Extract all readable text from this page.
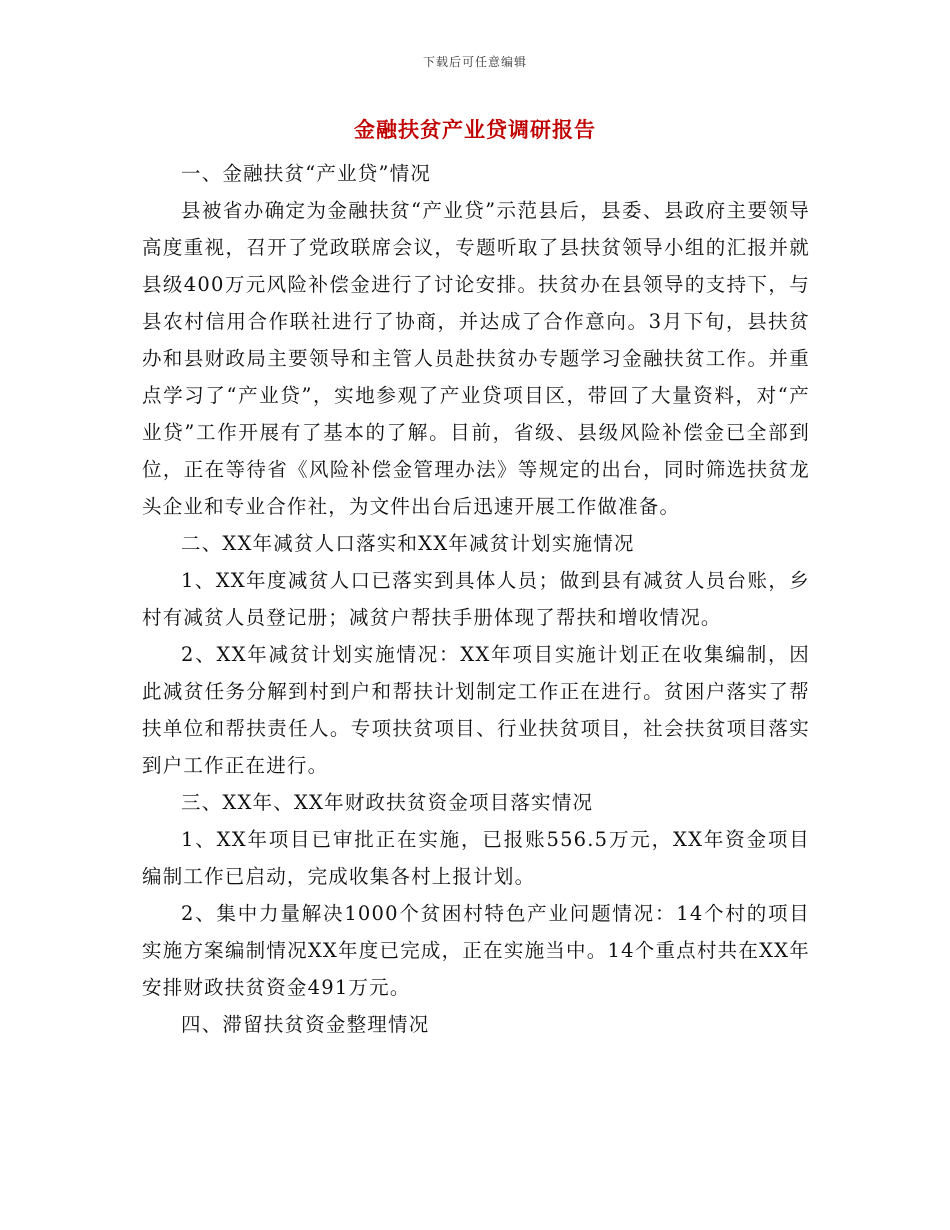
下载后可任意编辑
金融扶贫产业贷调研报告

一、金融扶贫“产业贷”情况

县被省办确定为金融扶贫“产业贷”示范县后，县委、县政府主要领导高度重视，召开了党政联席会议，专题听取了县扶贫领导小组的汇报并就县级400万元风险补偿金进行了讨论安排。扶贫办在县领导的支持下，与县农村信用合作联社进行了协商，并达成了合作意向。3月下旬，县扶贫办和县财政局主要领导和主管人员赴扶贫办专题学习金融扶贫工作。并重点学习了“产业贷”，实地参观了产业贷项目区，带回了大量资料，对“产业贷”工作开展有了基本的了解。目前，省级、县级风险补偿金已全部到位，正在等待省《风险补偿金管理办法》等规定的出台，同时筛选扶贫龙头企业和专业合作社，为文件出台后迅速开展工作做准备。

二、XX年减贫人口落实和XX年减贫计划实施情况

1、XX年度减贫人口已落实到具体人员；做到县有减贫人员台账，乡村有减贫人员登记册；减贫户帮扶手册体现了帮扶和增收情况。

2、XX年减贫计划实施情况：XX年项目实施计划正在收集编制，因此减贫任务分解到村到户和帮扶计划制定工作正在进行。贫困户落实了帮扶单位和帮扶责任人。专项扶贫项目、行业扶贫项目，社会扶贫项目落实到户工作正在进行。

三、XX年、XX年财政扶贫资金项目落实情况

1、XX年项目已审批正在实施，已报账556.5万元，XX年资金项目编制工作已启动，完成收集各村上报计划。

2、集中力量解决1000个贫困村特色产业问题情况：14个村的项目实施方案编制情况XX年度已完成，正在实施当中。14个重点村共在XX年安排财政扶贫资金491万元。

四、滞留扶贫资金整理情况
